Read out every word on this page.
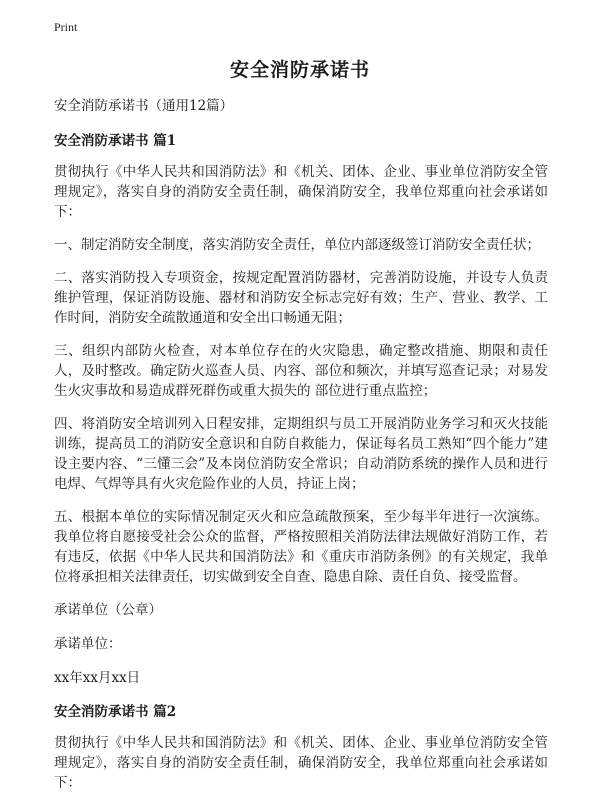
Print
安全消防承诺书
安全消防承诺书（通用12篇）
安全消防承诺书 篇1
贯彻执行《中华人民共和国消防法》和《机关、团体、企业、事业单位消防安全管理规定》，落实自身的消防安全责任制，确保消防安全，我单位郑重向社会承诺如下：
一、制定消防安全制度，落实消防安全责任，单位内部逐级签订消防安全责任状；
二、落实消防投入专项资金，按规定配置消防器材，完善消防设施，并设专人负责维护管理，保证消防设施、器材和消防安全标志完好有效；生产、营业、教学、工作时间，消防安全疏散通道和安全出口畅通无阻；
三、组织内部防火检查，对本单位存在的火灾隐患，确定整改措施、期限和责任人，及时整改。确定防火巡查人员、内容、部位和频次，并填写巡查记录；对易发生火灾事故和易造成群死群伤或重大损失的 部位进行重点监控；
四、将消防安全培训列入日程安排，定期组织与员工开展消防业务学习和灭火技能训练，提高员工的消防安全意识和自防自救能力，保证每名员工熟知“四个能力”建设主要内容、“三懂三会”及本岗位消防安全常识；自动消防系统的操作人员和进行电焊、气焊等具有火灾危险作业的人员，持证上岗；
五、根据本单位的实际情况制定灭火和应急疏散预案，至少每半年进行一次演练。我单位将自愿接受社会公众的监督，严格按照相关消防法律法规做好消防工作，若有违反，依据《中华人民共和国消防法》和《重庆市消防条例》的有关规定，我单位将承担相关法律责任，切实做到安全自查、隐患自除、责任自负、接受监督。
承诺单位（公章）
承诺单位：
xx年xx月xx日
安全消防承诺书 篇2
贯彻执行《中华人民共和国消防法》和《机关、团体、企业、事业单位消防安全管理规定》，落实自身的消防安全责任制，确保消防安全，我单位郑重向社会承诺如下：
